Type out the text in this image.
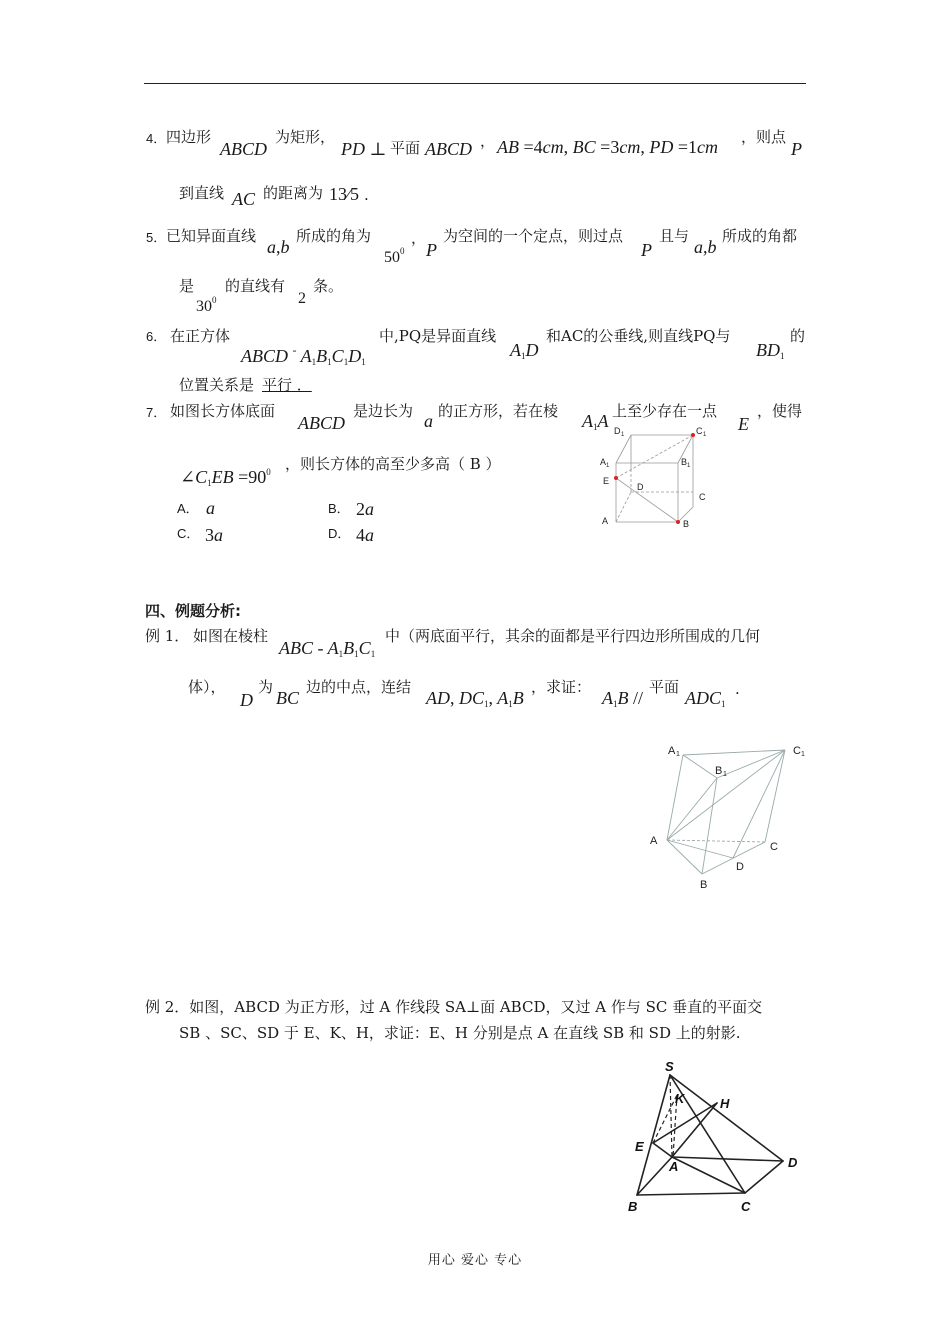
4． 四边形
ABCD
为矩形，
PD ⊥ 平面 ABCD ， AB =4cm, BC =3cm, PD =1cm ，则点
P
到直线 AC 的距离为 13⁄5 .
5． 已知异面直线
a,b
所成的角为
$50^0$
，
P
为空间的一个定点，则过点
P
且与
a,b
所成的角都
是
$30^0$
的直线有
2
条。
6． 在正方体
ABCD - $A_1B_1C_1D_1$
中,PQ是异面直线
$A_1D$
和AC的公垂线,则直线PQ与
$BD_1$
的
位置关系是 平行 ．
7． 如图长方体底面
ABCD
是边长为 a 的正方形，若在棱 $A_1A$ 上至少存在一点
E
，使得
$\angle C_1EB =90^0$ ，则长方体的高至少多高（ B ）
A． a	B． 2a
C． 3a	D． 4a
D 1	C 1
A 1	B 1
E
D
C
A	B
四、例题分析:
例 1． 如图在棱柱
ABC - $A_1B_1C_1$
中（两底面平行，其余的面都是平行四边形所围成的几何
体），
D
为
BC
边的中点，连结
AD, $DC_1$, $A_1B$
，求证：
$A_1B$ //
平面
$ADC_1$
.
A 1	C 1
B 1
A	C
D
B
例 2．如图，ABCD 为正方形，过 A 作线段 SA⊥面 ABCD，又过 A 作与 SC 垂直的平面交
SB 、SC、SD 于 E、K、H，求证：E、H 分别是点 A 在直线 SB 和 SD 上的射影.
S
K	H
E
A	D
B	C
用心 爱心 专心
